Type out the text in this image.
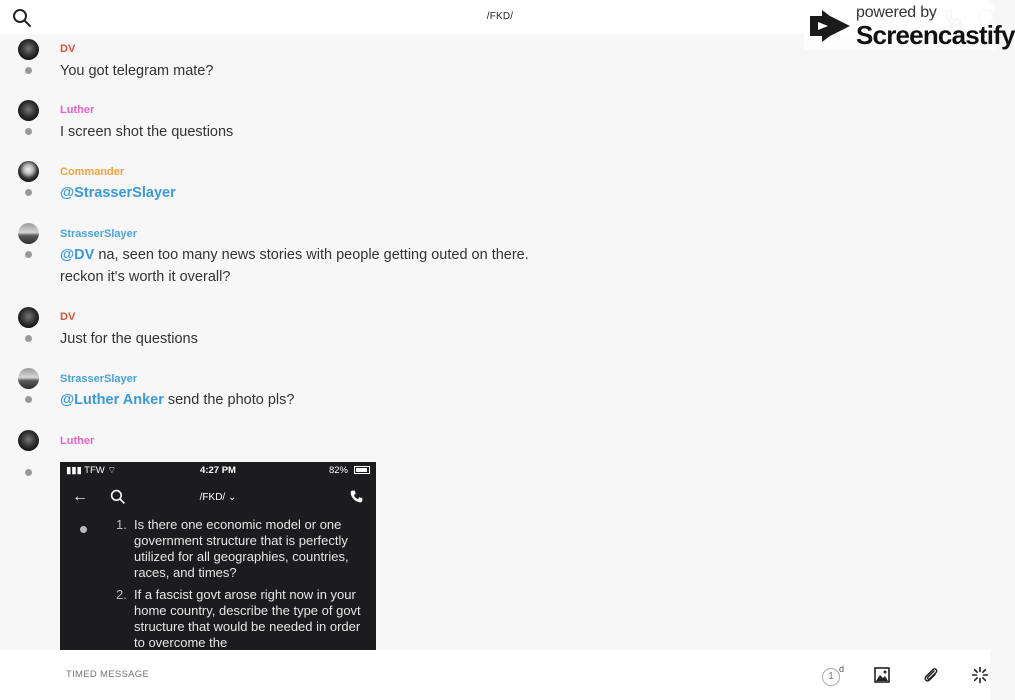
/FKD/	powered by
Screencastify
DV
You got telegram mate?
Luther
I screen shot the questions
Commander
@StrasserSlayer
StrasserSlayer
@DV na, seen too many news stories with people getting outed on there.
reckon it's worth it overall?
DV
Just for the questions
StrasserSlayer
@Luther Anker send the photo pls?
Luther
▮▮▮ TFW ⌔	4:27 PM	82%
←	/FKD/ ⌄
1. Is there one economic model or one government structure that is perfectly utilized for all geographies, countries, races, and times?
2. If a fascist govt arose right now in your home country, describe the type of govt structure that would be needed in order to overcome the
TIMED MESSAGE
1
d
